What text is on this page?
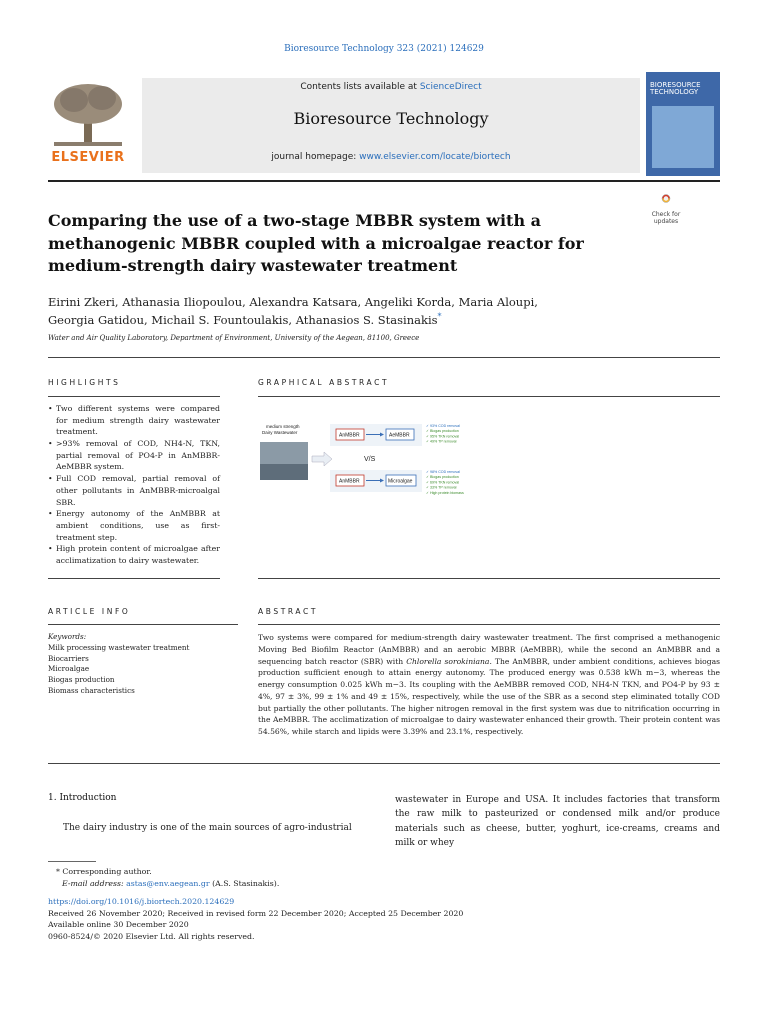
Bioresource Technology 323 (2021) 124629
ELSEVIER
Contents lists available at ScienceDirect
Bioresource Technology
journal homepage: www.elsevier.com/locate/biortech
BIORESOURCE
TECHNOLOGY
Check for updates
Comparing the use of a two-stage MBBR system with a methanogenic MBBR coupled with a microalgae reactor for medium-strength dairy wastewater treatment
Eirini Zkeri, Athanasia Iliopoulou, Alexandra Katsara, Angeliki Korda, Maria Aloupi,
Georgia Gatidou, Michail S. Fountoulakis, Athanasios S. Stasinakis*
Water and Air Quality Laboratory, Department of Environment, University of the Aegean, 81100, Greece
HIGHLIGHTS
• Two different systems were compared for medium strength dairy wastewater treatment.
• >93% removal of COD, NH4-N, TKN, partial removal of PO4-P in AnMBBR-AeMBBR system.
• Full COD removal, partial removal of other pollutants in AnMBBR-microalgal SBR.
• Energy autonomy of the AnMBBR at ambient conditions, use as first-treatment step.
• High protein content of microalgae after acclimatization to dairy wastewater.
GRAPHICAL ABSTRACT
medium strength
Dairy Wastewater	AnMBBR	AeMBBR
V/S
AnMBBR	Microalgae
✓ 93% COD removal
✓ Biogas production
✓ 95% TKN removal
✓ 49% TP removal
✓ 98% COD removal
✓ Biogas production
✓ 69% TKN removal
✓ 33% TP removal
✓ High protein biomass
ARTICLE INFO
Keywords:
Milk processing wastewater treatment
Biocarriers
Microalgae
Biogas production
Biomass characteristics
ABSTRACT
Two systems were compared for medium-strength dairy wastewater treatment. The first comprised a methanogenic Moving Bed Biofilm Reactor (AnMBBR) and an aerobic MBBR (AeMBBR), while the second an AnMBBR and a sequencing batch reactor (SBR) with Chlorella sorokiniana. The AnMBBR, under ambient conditions, achieves biogas production sufficient enough to attain energy autonomy. The produced energy was 0.538 kWh m−3, whereas the energy consumption 0.025 kWh m−3. Its coupling with the AeMBBR removed COD, NH4-N TKN, and PO4-P by 93 ± 4%, 97 ± 3%, 99 ± 1% and 49 ± 15%, respectively, while the use of the SBR as a second step eliminated totally COD but partially the other pollutants. The higher nitrogen removal in the first system was due to nitrification occurring in the AeMBBR. The acclimatization of microalgae to dairy wastewater enhanced their growth. Their protein content was 54.56%, while starch and lipids were 3.39% and 23.1%, respectively.
1. Introduction
The dairy industry is one of the main sources of agro-industrial
wastewater in Europe and USA. It includes factories that transform the raw milk to pasteurized or condensed milk and/or produce materials such as cheese, butter, yoghurt, ice-creams, creams and milk or whey
* Corresponding author.
E-mail address: astas@env.aegean.gr (A.S. Stasinakis).
https://doi.org/10.1016/j.biortech.2020.124629
Received 26 November 2020; Received in revised form 22 December 2020; Accepted 25 December 2020
Available online 30 December 2020
0960-8524/© 2020 Elsevier Ltd. All rights reserved.
